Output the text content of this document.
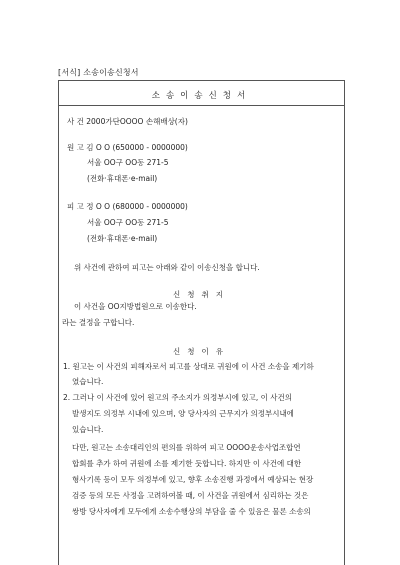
[서식] 소송이송신청서
소송이송신청서
사 건 2000가단OOOO 손해배상(자)
원 고 김 O O (650000 - 0000000)
서울 OO구 OO동 271-5
(전화·휴대폰·e-mail)
피 고 정 O O (680000 - 0000000)
서울 OO구 OO동 271-5
(전화·휴대폰·e-mail)
위 사건에 관하여 피고는 아래와 같이 이송신청을 합니다.
신청취지
이 사건을 OO지방법원으로 이송한다.
라는 결정을 구합니다.
신청이유
1. 원고는 이 사건의 피해자로서 피고를 상대로 귀원에 이 사건 소송을 제기하
였습니다.
2. 그러나 이 사건에 있어 원고의 주소지가 의정부시에 있고, 이 사건의
발생지도 의정부 시내에 있으며, 양 당사자의 근무지가 의정부시내에
있습니다.
다만, 원고는 소송대리인의 편의를 위하여 피고 OOOO운송사업조합연
합회를 추가 하여 귀원에 소를 제기한 듯합니다. 하지만 이 사건에 대한
형사기록 등이 모두 의정부에 있고, 향후 소송진행 과정에서 예상되는 현장
검증 등의 모든 사정을 고려하여볼 때, 이 사건을 귀원에서 심리하는 것은
쌍방 당사자에게 모두에게 소송수행상의 부담을 줄 수 있음은 물론 소송의
